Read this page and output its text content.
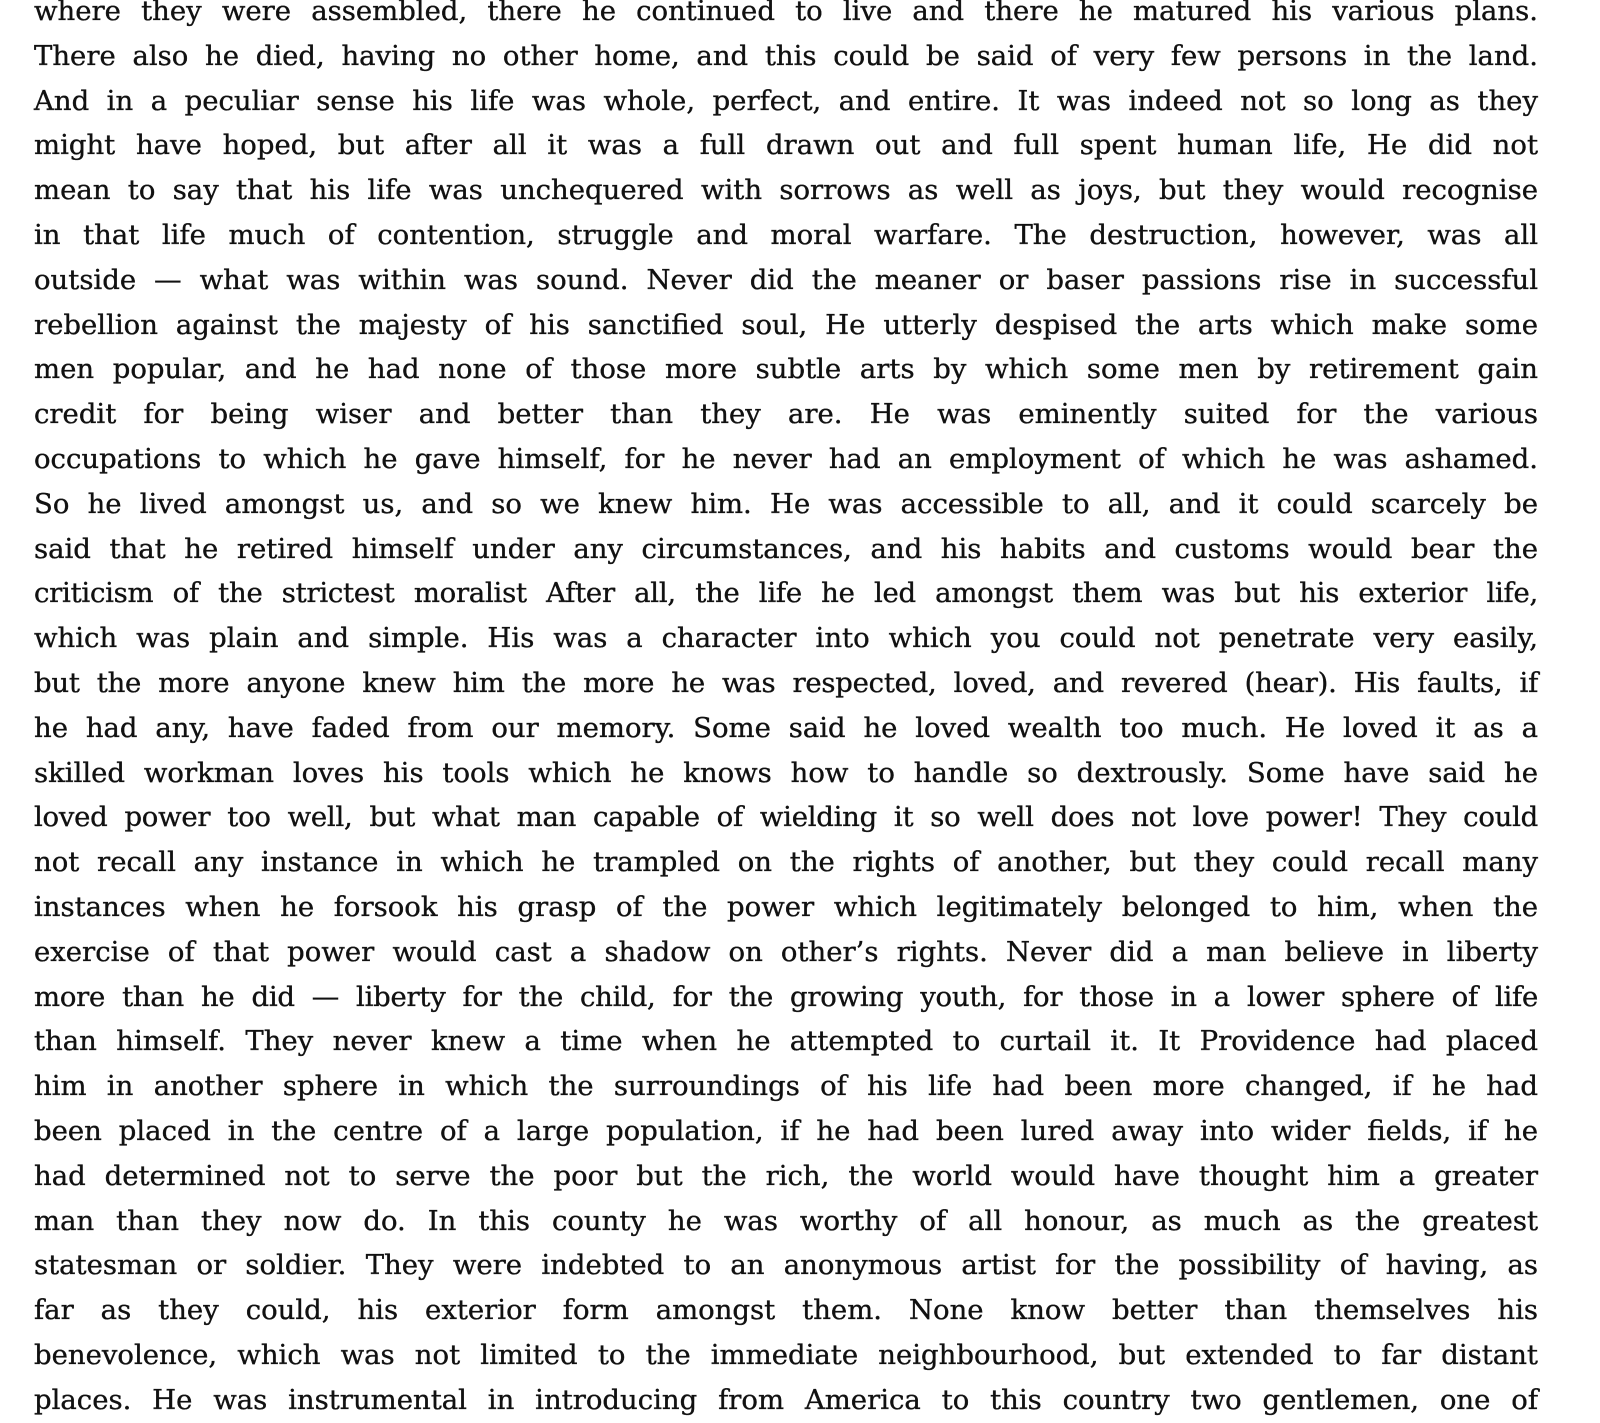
where they were assembled, there he continued to live and there he matured his various plans.
There also he died, having no other home, and this could be said of very few persons in the land.
And in a peculiar sense his life was whole, perfect, and entire. It was indeed not so long as they
might have hoped, but after all it was a full drawn out and full spent human life, He did not
mean to say that his life was unchequered with sorrows as well as joys, but they would recognise
in that life much of contention, struggle and moral warfare. The destruction, however, was all
outside — what was within was sound. Never did the meaner or baser passions rise in successful
rebellion against the majesty of his sanctified soul, He utterly despised the arts which make some
men popular, and he had none of those more subtle arts by which some men by retirement gain
credit for being wiser and better than they are. He was eminently suited for the various
occupations to which he gave himself, for he never had an employment of which he was ashamed.
So he lived amongst us, and so we knew him. He was accessible to all, and it could scarcely be
said that he retired himself under any circumstances, and his habits and customs would bear the
criticism of the strictest moralist After all, the life he led amongst them was but his exterior life,
which was plain and simple. His was a character into which you could not penetrate very easily,
but the more anyone knew him the more he was respected, loved, and revered (hear). His faults, if
he had any, have faded from our memory. Some said he loved wealth too much. He loved it as a
skilled workman loves his tools which he knows how to handle so dextrously. Some have said he
loved power too well, but what man capable of wielding it so well does not love power! They could
not recall any instance in which he trampled on the rights of another, but they could recall many
instances when he forsook his grasp of the power which legitimately belonged to him, when the
exercise of that power would cast a shadow on other’s rights. Never did a man believe in liberty
more than he did — liberty for the child, for the growing youth, for those in a lower sphere of life
than himself. They never knew a time when he attempted to curtail it. It Providence had placed
him in another sphere in which the surroundings of his life had been more changed, if he had
been placed in the centre of a large population, if he had been lured away into wider fields, if he
had determined not to serve the poor but the rich, the world would have thought him a greater
man than they now do. In this county he was worthy of all honour, as much as the greatest
statesman or soldier. They were indebted to an anonymous artist for the possibility of having, as
far as they could, his exterior form amongst them. None know better than themselves his
benevolence, which was not limited to the immediate neighbourhood, but extended to far distant
places. He was instrumental in introducing from America to this country two gentlemen, one of
